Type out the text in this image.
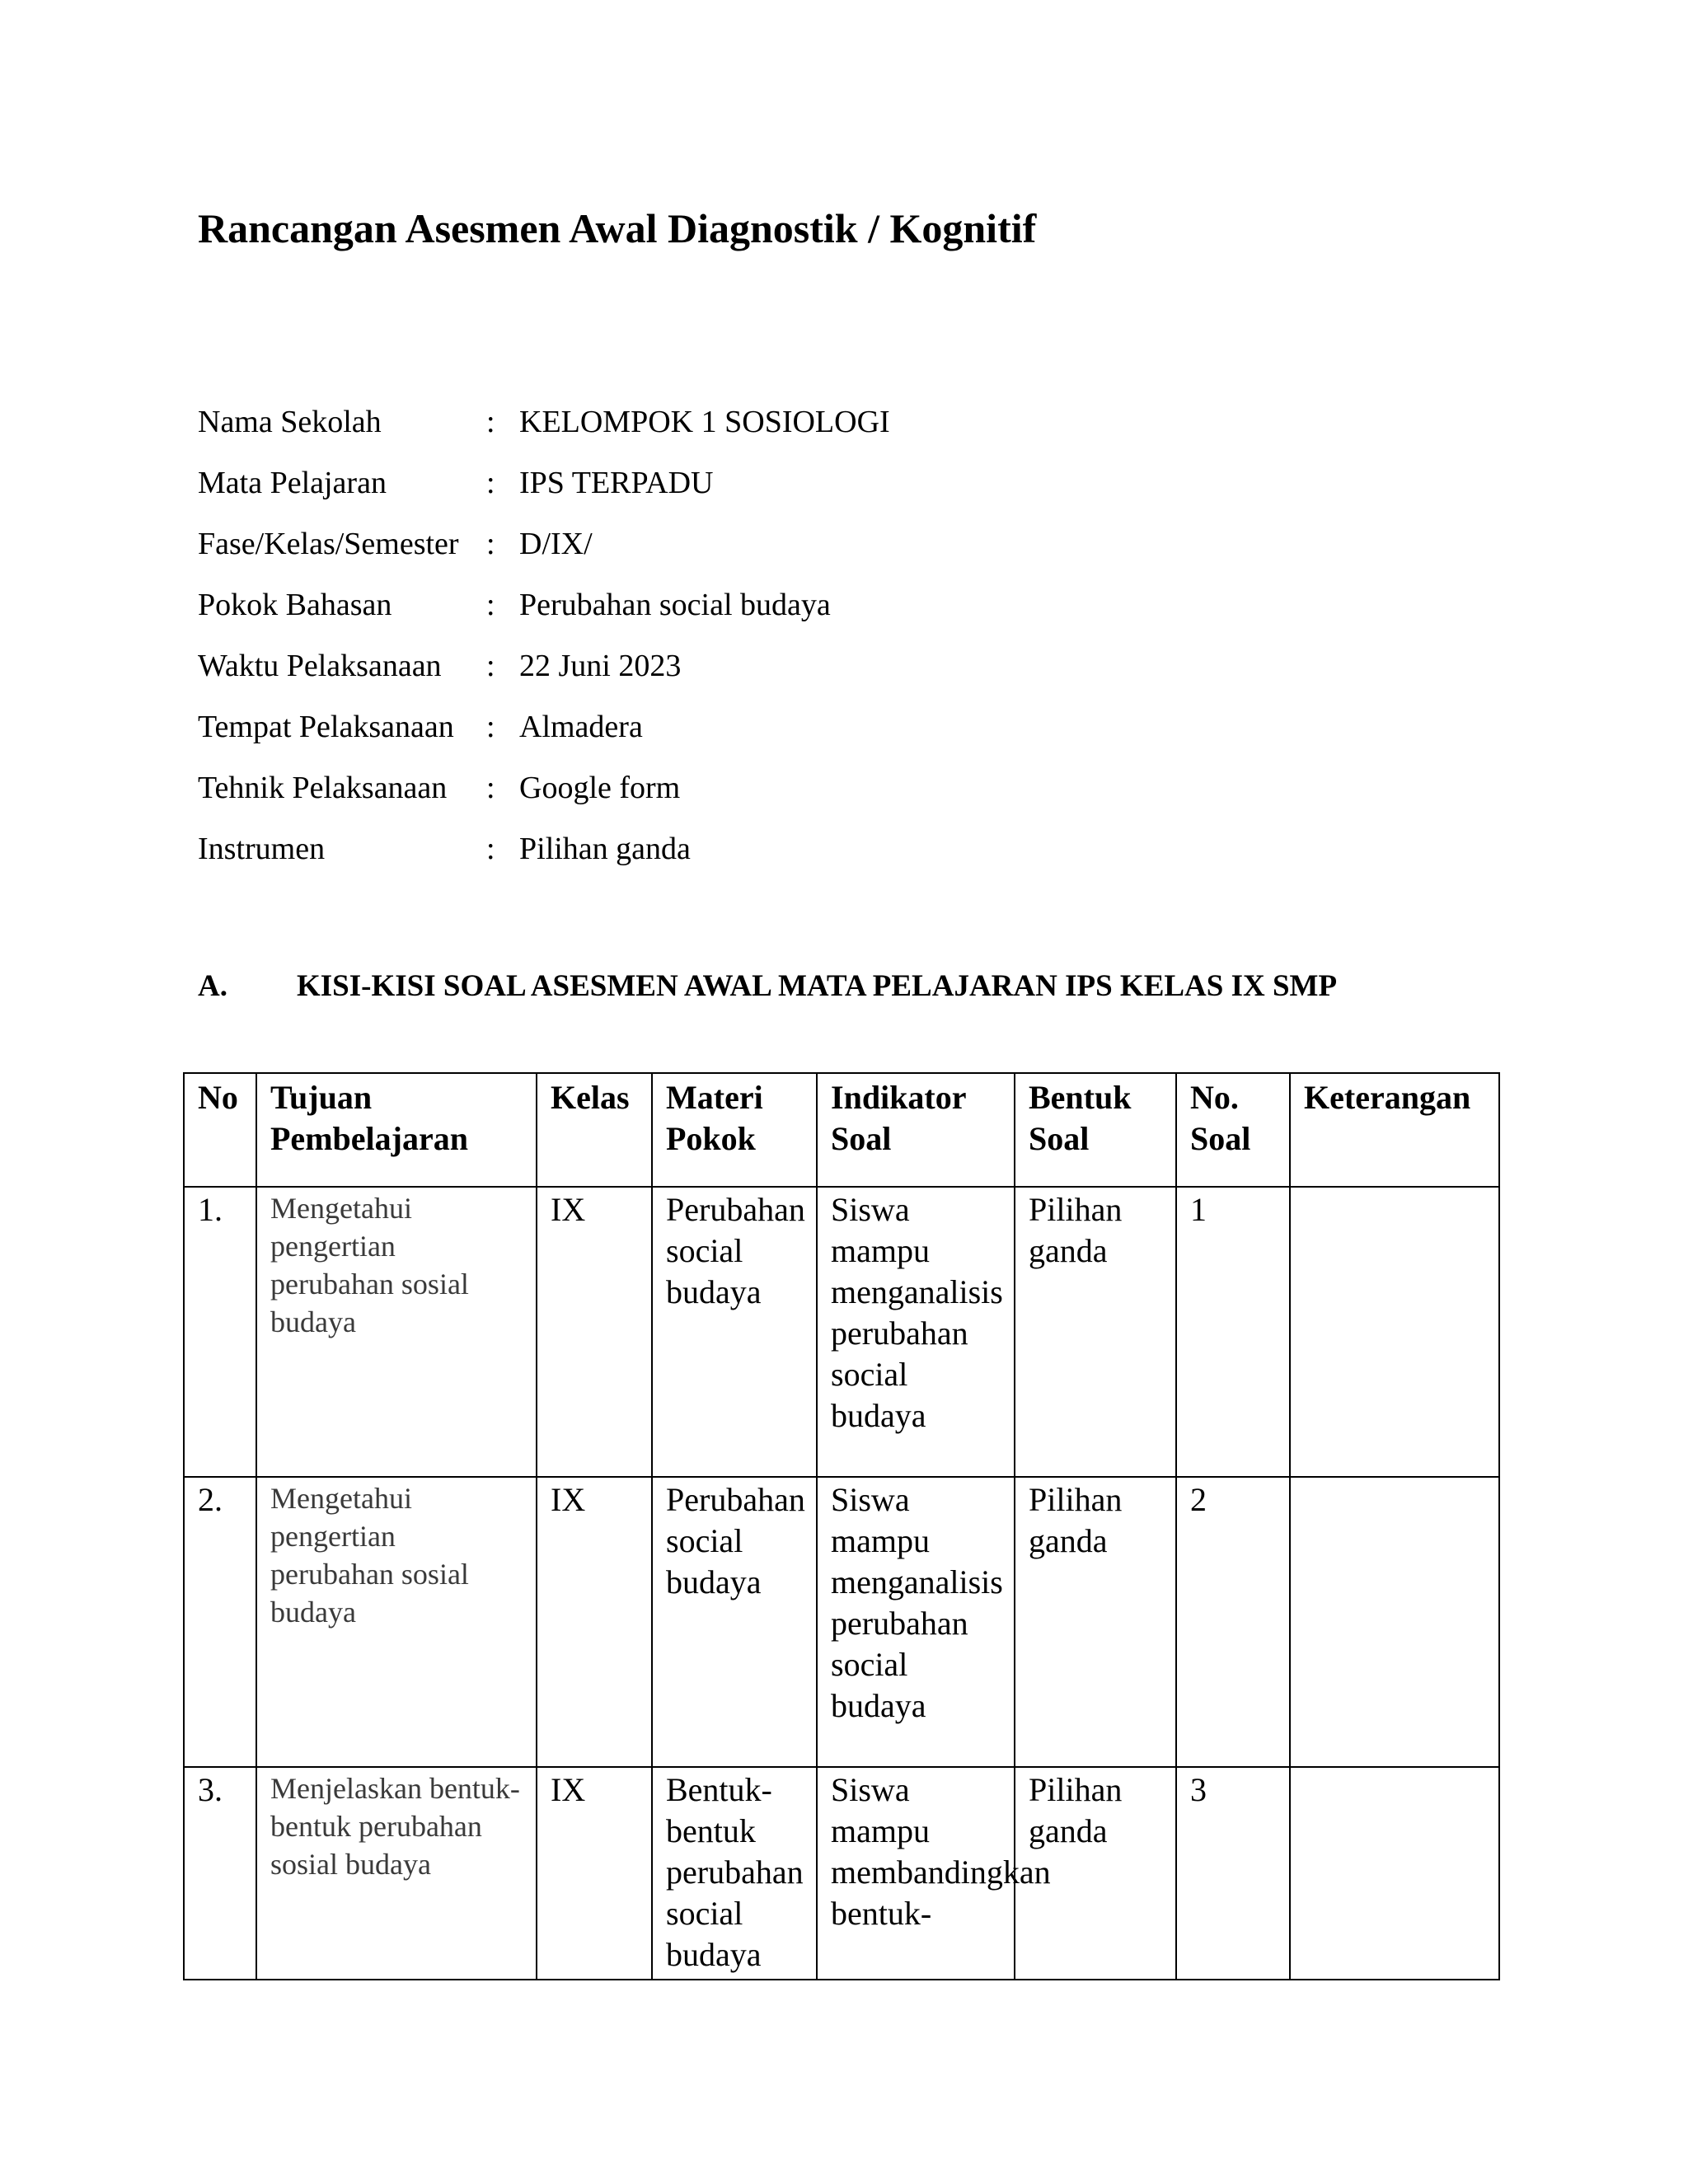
Rancangan Asesmen Awal Diagnostik / Kognitif
Nama Sekolah	: KELOMPOK 1 SOSIOLOGI
Mata Pelajaran	: IPS TERPADU
Fase/Kelas/Semester : D/IX/
Pokok Bahasan	: Perubahan social budaya
Waktu Pelaksanaan	: 22 Juni 2023
Tempat Pelaksanaan	: Almadera
Tehnik Pelaksanaan	: Google form
Instrumen	: Pilihan ganda
A.	KISI-KISI SOAL ASESMEN AWAL MATA PELAJARAN IPS KELAS IX SMP
No	Tujuan Pembelajaran	Kelas	Materi Pokok	Indikator Soal	Bentuk Soal	No. Soal	Keterangan
1.	Mengetahui pengertian perubahan sosial budaya	IX	Perubahan social budaya	Siswa mampu menganalisis perubahan social budaya	Pilihan ganda	1	
2.	Mengetahui pengertian perubahan sosial budaya	IX	Perubahan social budaya	Siswa mampu menganalisis perubahan social budaya	Pilihan ganda	2	
3.	Menjelaskan bentuk-bentuk perubahan sosial budaya	IX	Bentuk-bentuk perubahan social budaya	Siswa mampu membandingkan bentuk-	Pilihan ganda	3	
